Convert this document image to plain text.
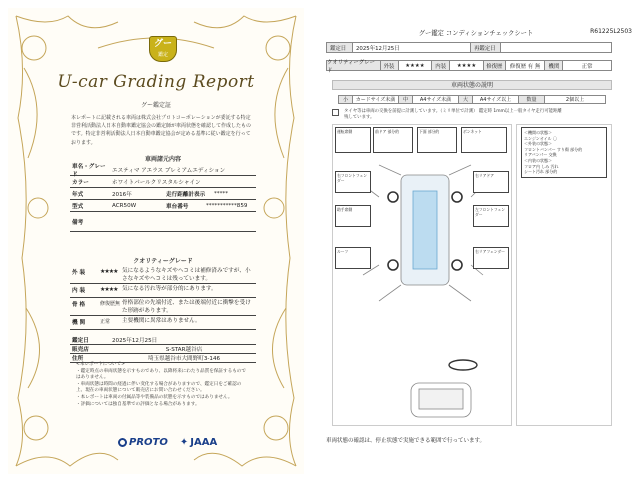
グー
鑑定
U-car Grading Report
グー鑑定証
本レポートに記載される車両は株式会社プロトコーポレーションが委託する特定非営利活動法人日本自動車鑑定協会の鑑定師が車両状態を確認して作成したものです。特定非営利活動法人日本自動車鑑定協会が定める基準に従い鑑定を行っております。
車両諸元内容
車名・グレード
エスティマ アエラス プレミアムエディション
カラー	ホワイトパールクリスタルシャイン
年式	2016年	走行距離計表示	*****
型式	ACR50W	車台番号	***********859
備考
クオリティーグレード
外 装	★★★★ 気になるようなキズやヘコミは補修済みですが、小さなキズやヘコミは残っています。
内 装	★★★★ 気になる汚れ等が部分的にあります。
骨 格	修復歴無 骨格部位の先端付近、または後端付近に衝撃を受けた形跡があります。
機 関	正常	主要機関に異常はありません。
鑑定日	2025年12月25日
販売店	S-STAR越谷店
住所	埼玉県越谷市大間野町3-146
<本レポートについて>
・鑑定時点の車両状態を示すものであり、以降将来にわたり品質を保証するものではありません。
・車両状態は時間の経過に伴い変化する場合がありますので、鑑定日をご確認の上、現在の車両状態について販売店にお問い合わせください。
・本レポートは車両の付属品等や装備品の状態を示すものではありません。
・評価については独自基準での評価となる場合があります。
PROTO ✦ JAAA
グー鑑定 コンディションチェックシート	R61225L2503
鑑定日	2025年12月25日	再鑑定日
クオリティーグレード
外装	★★★★	内装	★★★★	修復歴	修復歴 有 無	機関	正常
車両状態の説明
小	カードサイズ未満	中	A4サイズ未満	大	A4サイズ以上	数量	2個以上
タイヤ等は車両の交換を前提に計測しています。（ミリ単位で計測） 鑑定時 1mm以上一般タイヤ走行可能距離残しています。
運転席側	前ドア 部分的	下面 部分的	ボンネット
右フロントフェンダー
右リアドア
助手席側	左フロントフェンダー
ルーフ	右リアフェンダー
＜機関の状態＞
エンジンオイル 〇
＜外装の状態＞
フロントバンパー すり傷 部分的
リアバンパー 交換
＜内装の状態＞
フロア内 しみ 汚れ
シート汚れ 部分的
車両状態の確認は、停止状態で実施できる範囲で行っています。
